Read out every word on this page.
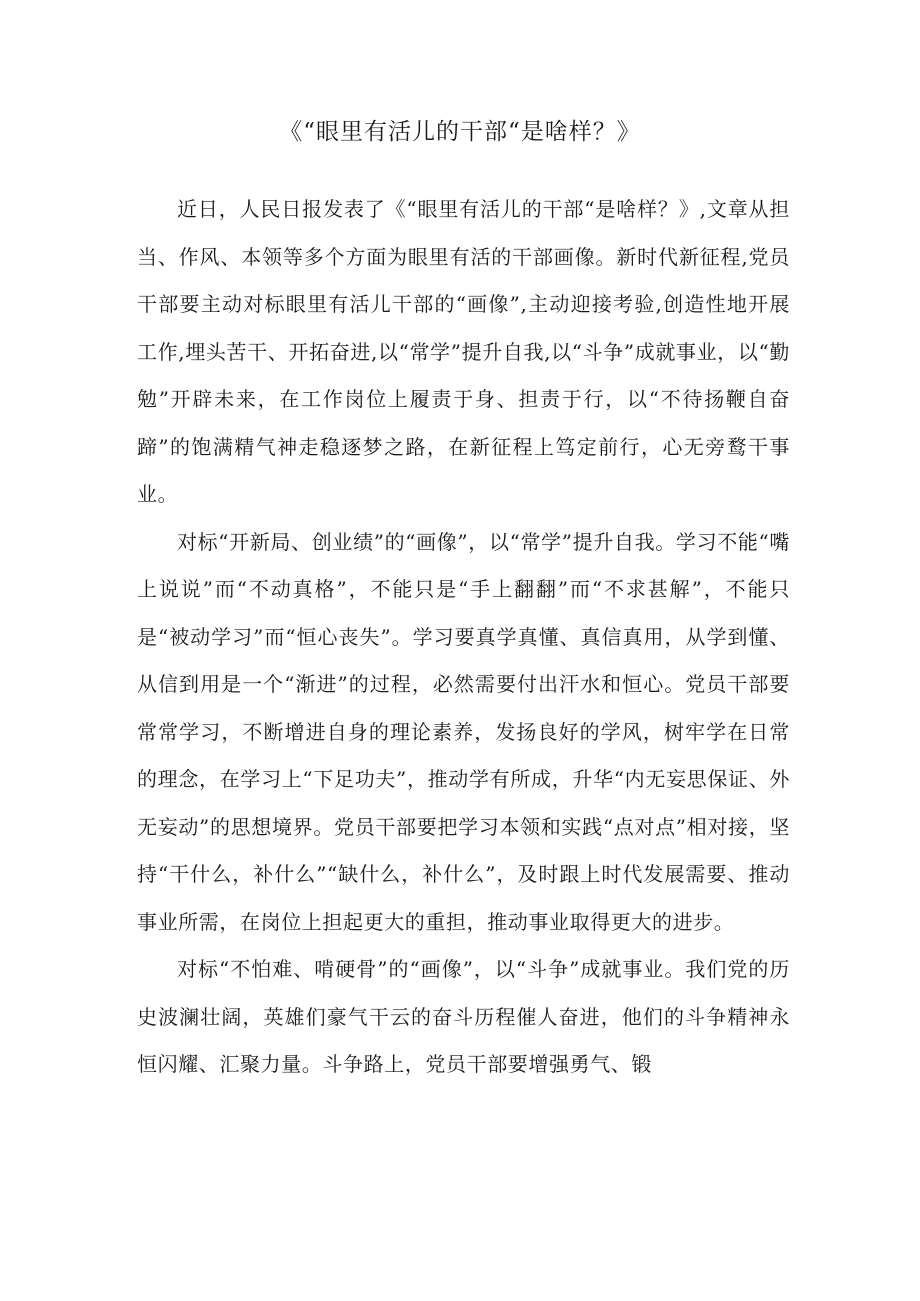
《“眼里有活儿的干部“是啥样？》

近日，人民日报发表了《“眼里有活儿的干部“是啥样？》,文章从担当、作风、本领等多个方面为眼里有活的干部画像。新时代新征程,党员干部要主动对标眼里有活儿干部的“画像”,主动迎接考验,创造性地开展工作,埋头苦干、开拓奋进,以“常学”提升自我,以“斗争”成就事业，以“勤勉”开辟未来，在工作岗位上履责于身、担责于行，以“不待扬鞭自奋蹄”的饱满精气神走稳逐梦之路，在新征程上笃定前行，心无旁鹜干事业。

对标“开新局、创业绩”的“画像”，以“常学”提升自我。学习不能“嘴上说说”而“不动真格”，不能只是“手上翻翻”而“不求甚解”，不能只是“被动学习”而“恒心丧失”。学习要真学真懂、真信真用，从学到懂、从信到用是一个“渐进”的过程，必然需要付出汗水和恒心。党员干部要常常学习，不断增进自身的理论素养，发扬良好的学风，树牢学在日常的理念，在学习上“下足功夫”，推动学有所成，升华“内无妄思保证、外无妄动”的思想境界。党员干部要把学习本领和实践“点对点”相对接，坚持“干什么，补什么”“缺什么，补什么”，及时跟上时代发展需要、推动事业所需，在岗位上担起更大的重担，推动事业取得更大的进步。

对标“不怕难、啃硬骨”的“画像”，以“斗争”成就事业。我们党的历史波澜壮阔，英雄们豪气干云的奋斗历程催人奋进，他们的斗争精神永恒闪耀、汇聚力量。斗争路上，党员干部要增强勇气、锻
